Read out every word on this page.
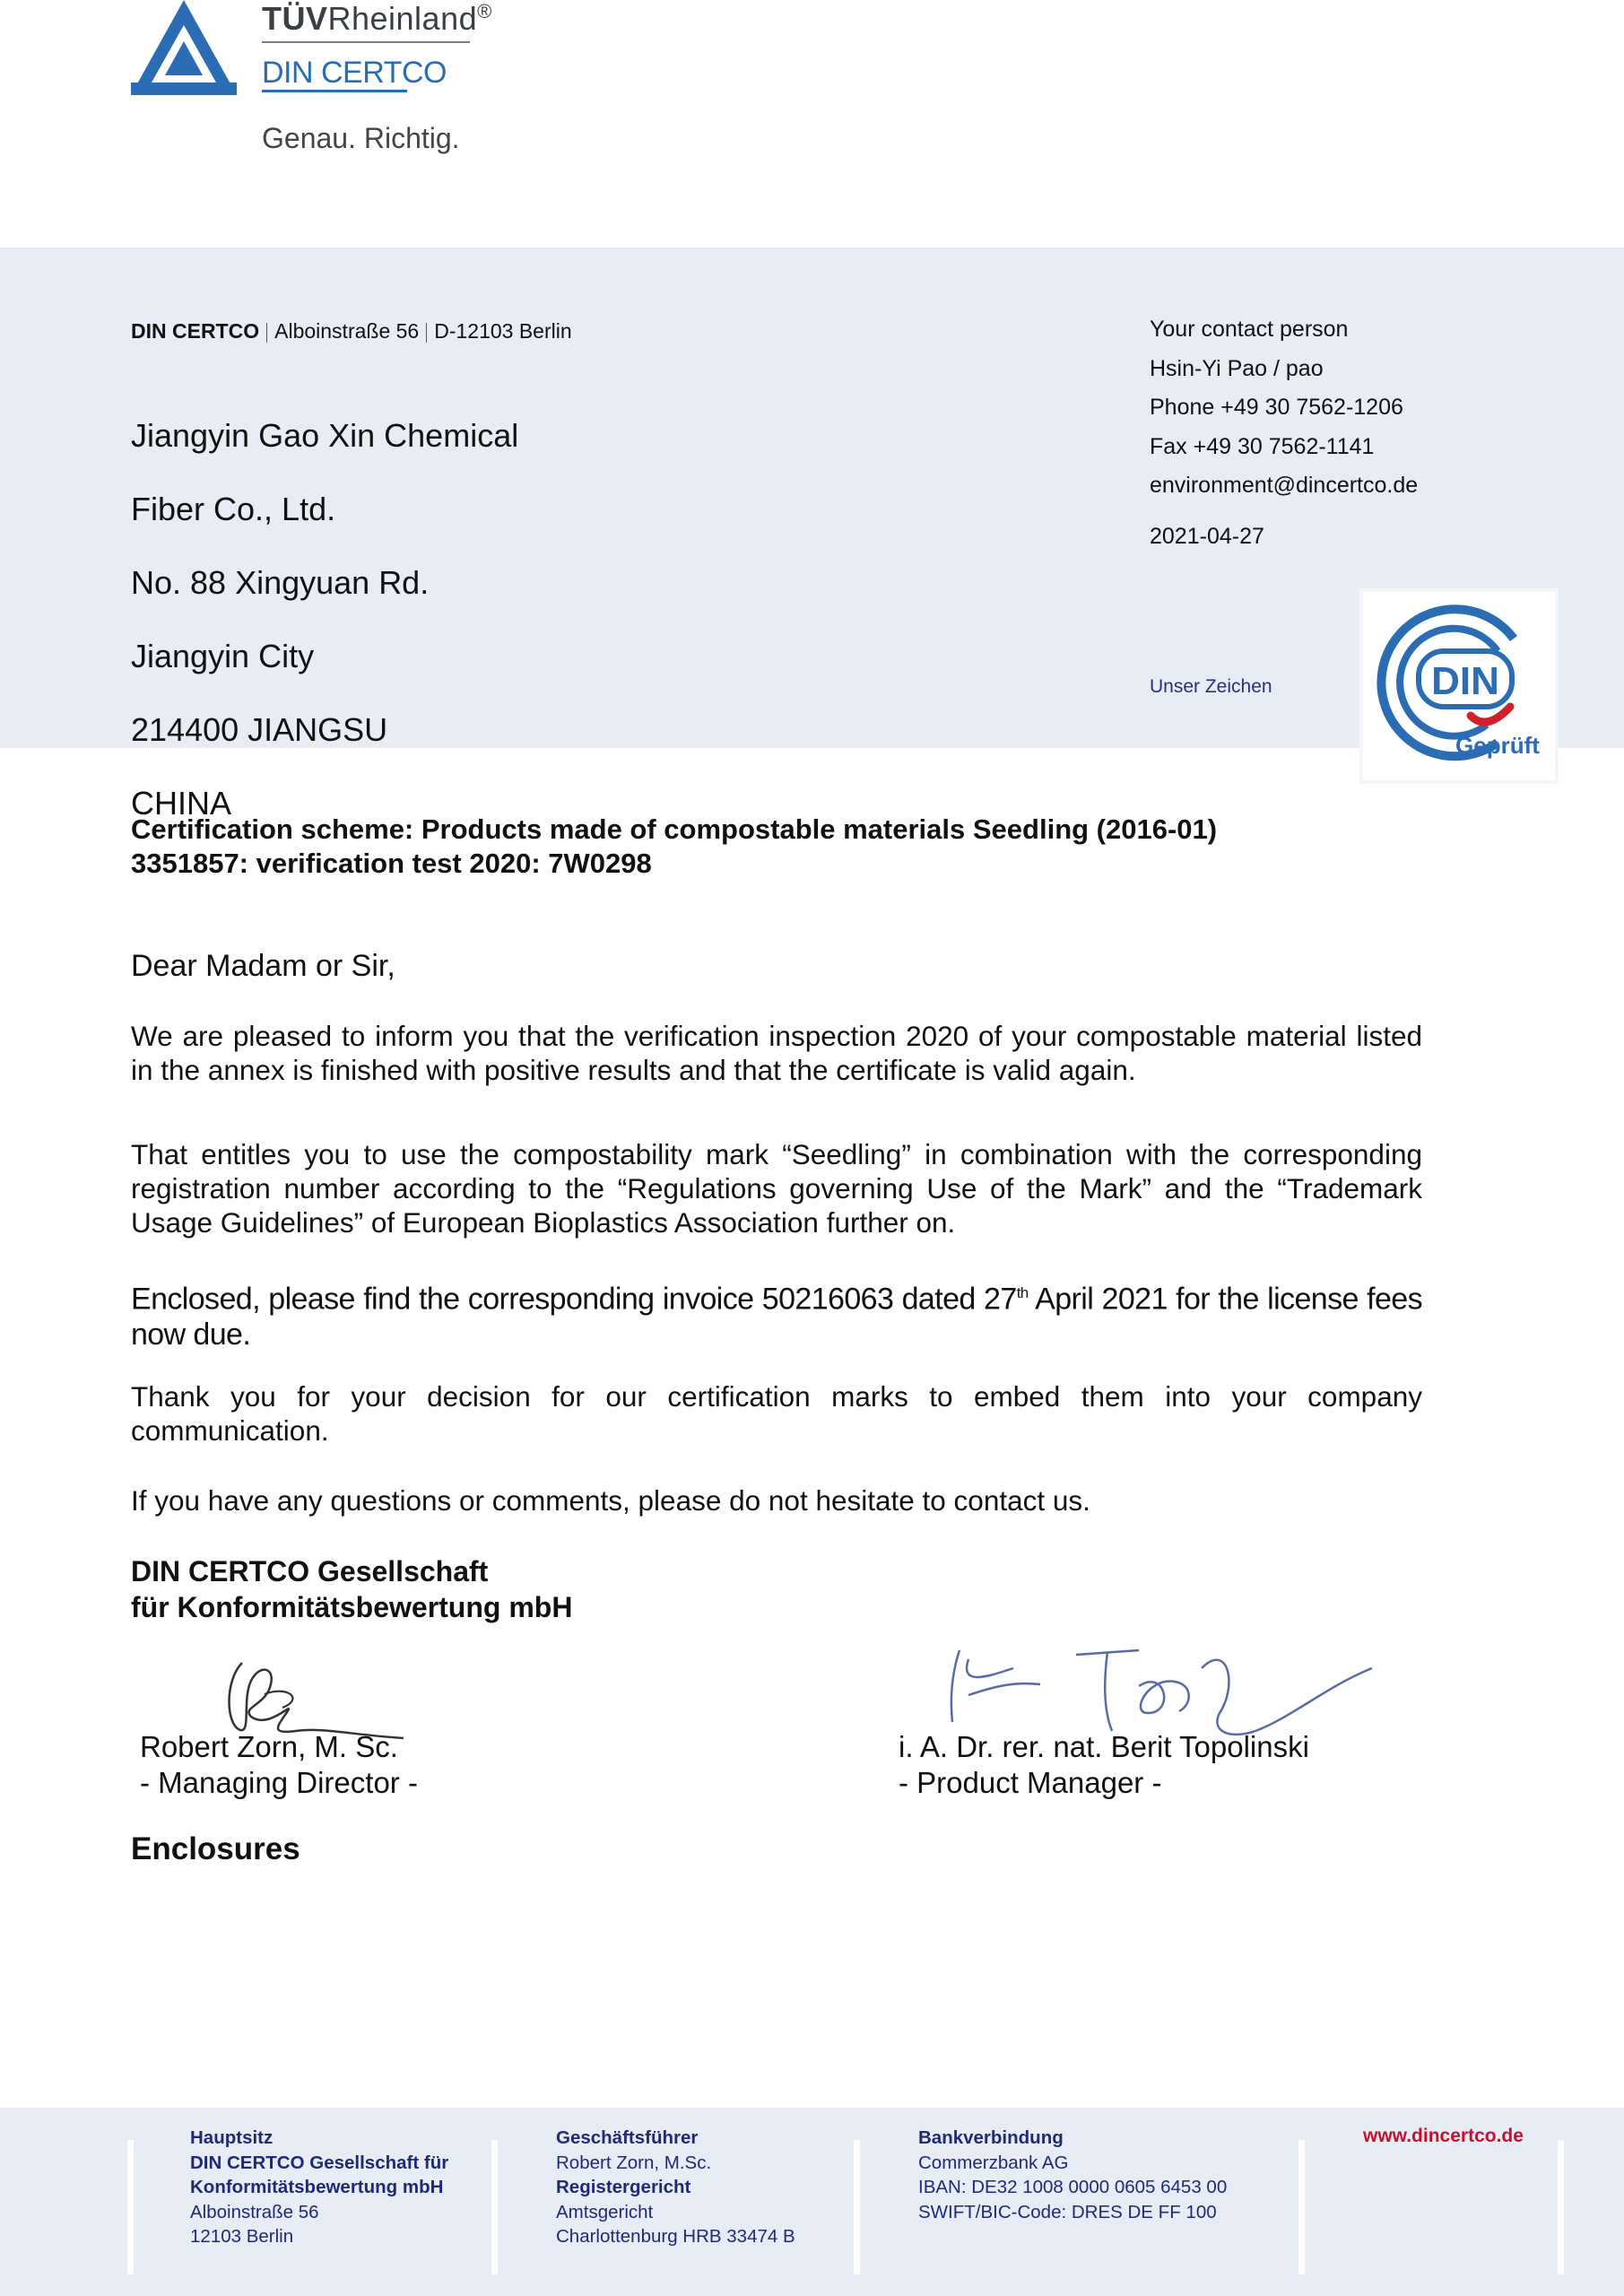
TÜVRheinland®
DIN CERTCO
Genau. Richtig.
DIN CERTCO Alboinstraße 56 D-12103 Berlin

Jiangyin Gao Xin Chemical

Fiber Co., Ltd.

No. 88 Xingyuan Rd.

Jiangyin City

214400 JIANGSU

CHINA

Your contact person
Hsin-Yi Pao / pao
Phone +49 30 7562-1206
Fax +49 30 7562-1141
environment@dincertco.de
2021-04-27
Unser Zeichen	DIN
Geprüft
Certification scheme: Products made of compostable materials Seedling (2016-01)
3351857: verification test 2020: 7W0298
Dear Madam or Sir,
We are pleased to inform you that the verification inspection 2020 of your compostable material listed in the annex is finished with positive results and that the certificate is valid again.
That entitles you to use the compostability mark “Seedling” in combination with the corresponding registration number according to the “Regulations governing Use of the Mark” and the “Trademark Usage Guidelines” of European Bioplastics Association further on.
Enclosed, please find the corresponding invoice 50216063 dated 27th April 2021 for the license fees now due.
Thank you for your decision for our certification marks to embed them into your company communication.
If you have any questions or comments, please do not hesitate to contact us.
DIN CERTCO Gesellschaft
für Konformitätsbewertung mbH
Robert Zorn, M. Sc.
- Managing Director -
i. A. Dr. rer. nat. Berit Topolinski
- Product Manager -
Enclosures
Hauptsitz
DIN CERTCO Gesellschaft für
Konformitätsbewertung mbH
Alboinstraße 56
12103 Berlin
Geschäftsführer
Robert Zorn, M.Sc.
Registergericht
Amtsgericht
Charlottenburg HRB 33474 B
Bankverbindung
Commerzbank AG
IBAN: DE32 1008 0000 0605 6453 00
SWIFT/BIC-Code: DRES DE FF 100
www.dincertco.de
